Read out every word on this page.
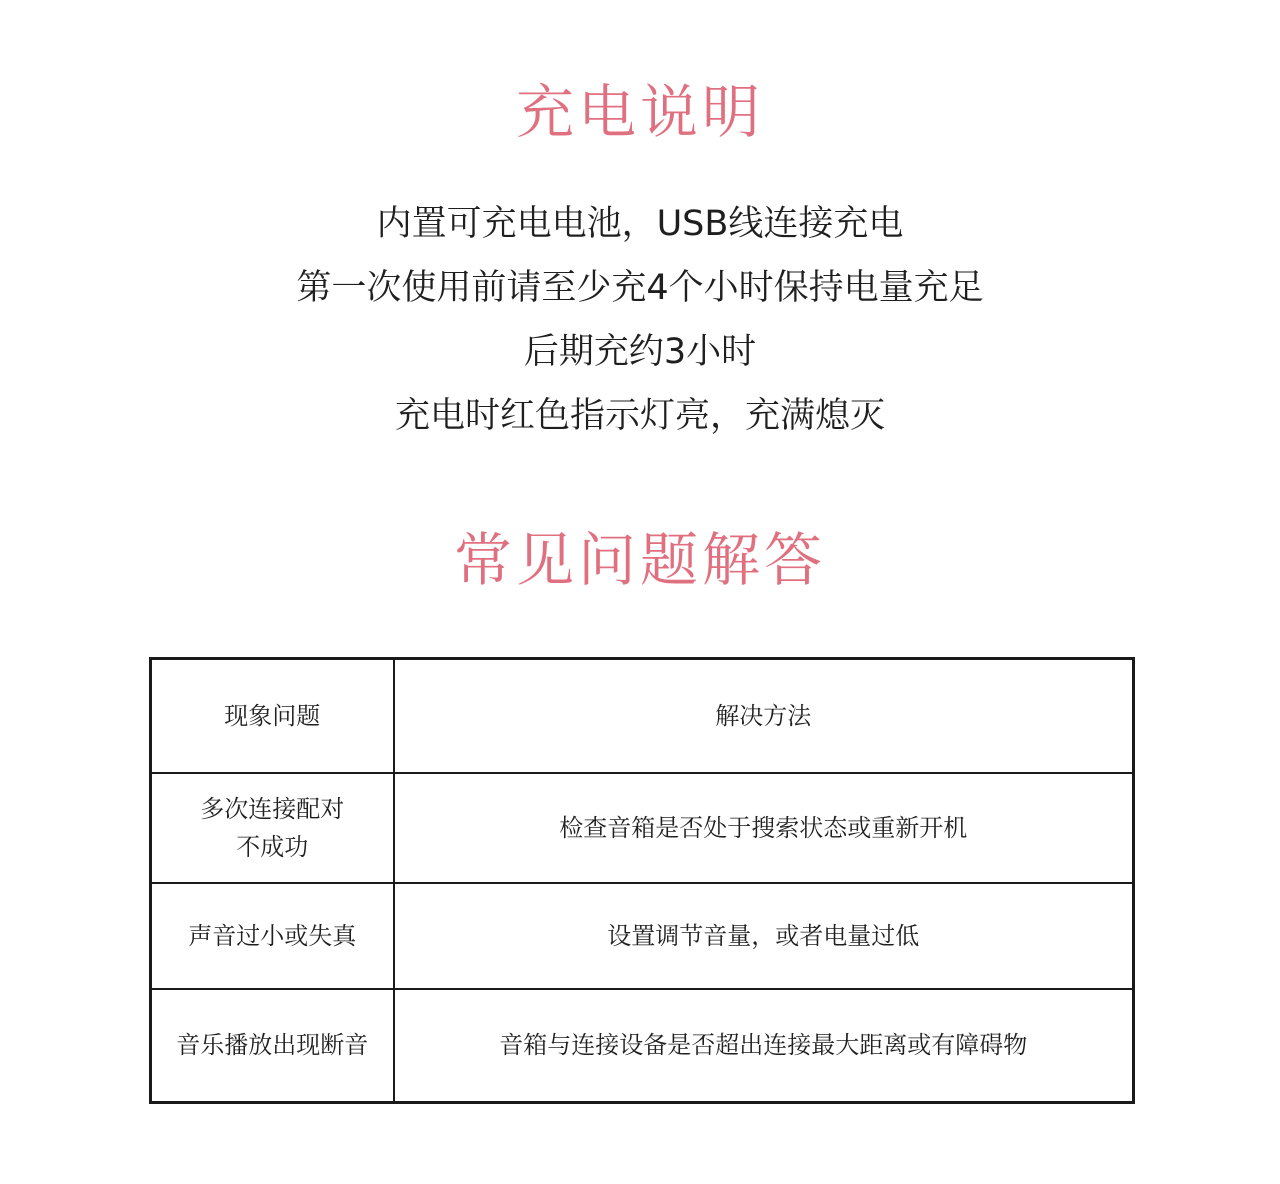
充电说明
内置可充电电池，USB线连接充电
第一次使用前请至少充4个小时保持电量充足
后期充约3小时
充电时红色指示灯亮，充满熄灭
常见问题解答
现象问题	解决方法
多次连接配对
不成功	检查音箱是否处于搜索状态或重新开机
声音过小或失真	设置调节音量，或者电量过低
音乐播放出现断音	音箱与连接设备是否超出连接最大距离或有障碍物
